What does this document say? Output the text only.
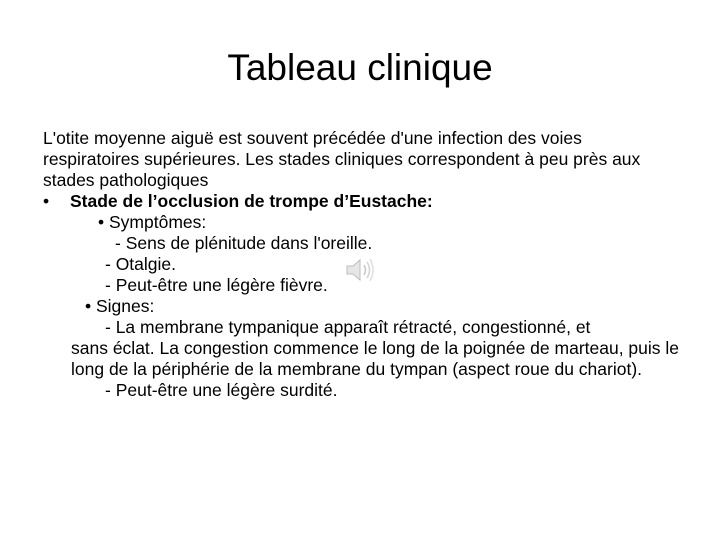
Tableau clinique

L'otite moyenne aiguë est souvent précédée d'une infection des voies respiratoires supérieures. Les stades cliniques correspondent à peu près aux stades pathologiques

•	Stade de l’occlusion de trompe d’Eustache:
• Symptômes:
- Sens de plénitude dans l'oreille.
- Otalgie.
- Peut-être une légère fièvre.
• Signes:
- La membrane tympanique apparaît rétracté, congestionné, et
sans éclat. La congestion commence le long de la poignée de marteau, puis le long de la périphérie de la membrane du tympan (aspect roue du chariot).
- Peut-être une légère surdité.
